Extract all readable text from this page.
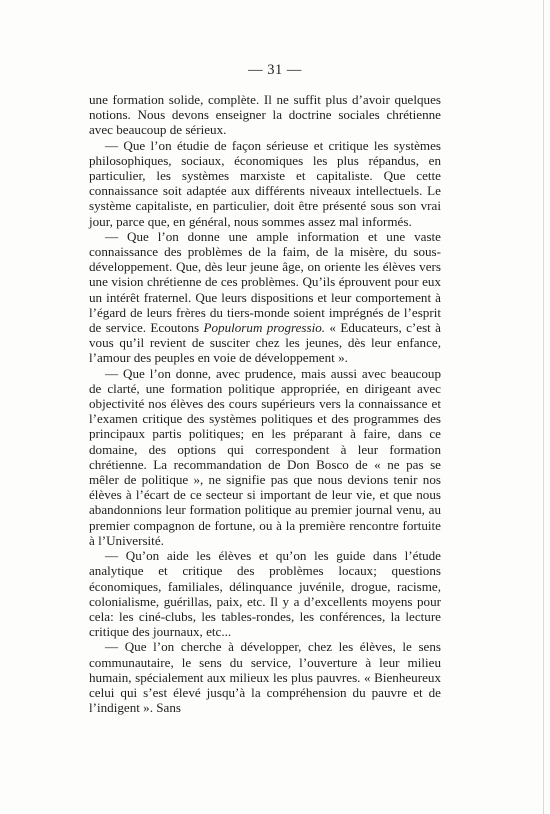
— 31 —

une formation solide, complète. Il ne suffit plus d’avoir quelques notions. Nous devons enseigner la doctrine sociales chrétienne avec beaucoup de sérieux.

— Que l’on étudie de façon sérieuse et critique les systèmes philosophiques, sociaux, économiques les plus répandus, en particulier, les systèmes marxiste et capitaliste. Que cette connaissance soit adaptée aux différents niveaux intellectuels. Le système capitaliste, en particulier, doit être présenté sous son vrai jour, parce que, en général, nous sommes assez mal informés.

— Que l’on donne une ample information et une vaste connaissance des problèmes de la faim, de la misère, du sous-développement. Que, dès leur jeune âge, on oriente les élèves vers une vision chrétienne de ces problèmes. Qu’ils éprouvent pour eux un intérêt fraternel. Que leurs dispositions et leur comportement à l’égard de leurs frères du tiers-monde soient imprégnés de l’esprit de service. Ecoutons Populorum progressio. « Educateurs, c’est à vous qu’il revient de susciter chez les jeunes, dès leur enfance, l’amour des peuples en voie de développement ».

— Que l’on donne, avec prudence, mais aussi avec beaucoup de clarté, une formation politique appropriée, en dirigeant avec objectivité nos élèves des cours supérieurs vers la connaissance et l’examen critique des systèmes politiques et des programmes des principaux partis politiques; en les préparant à faire, dans ce domaine, des options qui correspondent à leur formation chrétienne. La recommandation de Don Bosco de « ne pas se mêler de politique », ne signifie pas que nous devions tenir nos élèves à l’écart de ce secteur si important de leur vie, et que nous abandonnions leur formation politique au premier journal venu, au premier compagnon de fortune, ou à la première rencontre fortuite à l’Université.

— Qu’on aide les élèves et qu’on les guide dans l’étude analytique et critique des problèmes locaux; questions économiques, familiales, délinquance juvénile, drogue, racisme, colonialisme, guérillas, paix, etc. Il y a d’excellents moyens pour cela: les ciné-clubs, les tables-rondes, les conférences, la lecture critique des journaux, etc...

— Que l’on cherche à développer, chez les élèves, le sens communautaire, le sens du service, l’ouverture à leur milieu humain, spécialement aux milieux les plus pauvres. « Bienheureux celui qui s’est élevé jusqu’à la compréhension du pauvre et de l’indigent ». Sans
